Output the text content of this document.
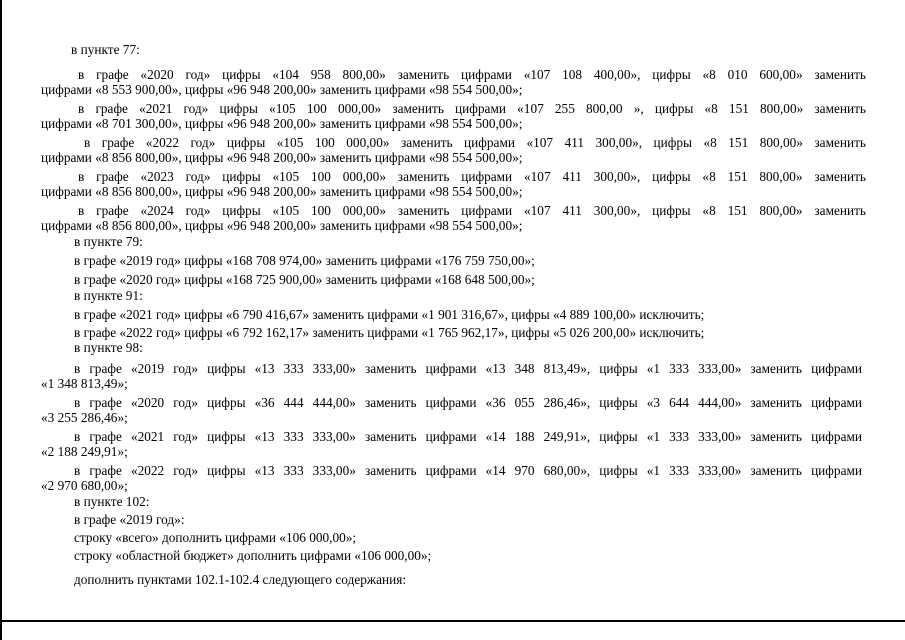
в пункте 77:
в графе «2020 год» цифры «104 958 800,00» заменить цифрами «107 108 400,00», цифры «8 010 600,00» заменить
цифрами «8 553 900,00», цифры «96 948 200,00» заменить цифрами «98 554 500,00»;
в графе «2021 год» цифры «105 100 000,00» заменить цифрами «107 255 800,00 », цифры «8 151 800,00» заменить
цифрами «8 701 300,00», цифры «96 948 200,00» заменить цифрами «98 554 500,00»;
в графе «2022 год» цифры «105 100 000,00» заменить цифрами «107 411 300,00», цифры «8 151 800,00» заменить
цифрами «8 856 800,00», цифры «96 948 200,00» заменить цифрами «98 554 500,00»;
в графе «2023 год» цифры «105 100 000,00» заменить цифрами «107 411 300,00», цифры «8 151 800,00» заменить
цифрами «8 856 800,00», цифры «96 948 200,00» заменить цифрами «98 554 500,00»;
в графе «2024 год» цифры «105 100 000,00» заменить цифрами «107 411 300,00», цифры «8 151 800,00» заменить
цифрами «8 856 800,00», цифры «96 948 200,00» заменить цифрами «98 554 500,00»;
в пункте 79:
в графе «2019 год» цифры «168 708 974,00» заменить цифрами «176 759 750,00»;
в графе «2020 год» цифры «168 725 900,00» заменить цифрами «168 648 500,00»;
в пункте 91:
в графе «2021 год» цифры «6 790 416,67» заменить цифрами «1 901 316,67», цифры «4 889 100,00» исключить;
в графе «2022 год» цифры «6 792 162,17» заменить цифрами «1 765 962,17», цифры «5 026 200,00» исключить;
в пункте 98:
в графе «2019 год» цифры «13 333 333,00» заменить цифрами «13 348 813,49», цифры «1 333 333,00» заменить цифрами
«1 348 813,49»;
в графе «2020 год» цифры «36 444 444,00» заменить цифрами «36 055 286,46», цифры «3 644 444,00» заменить цифрами
«3 255 286,46»;
в графе «2021 год» цифры «13 333 333,00» заменить цифрами «14 188 249,91», цифры «1 333 333,00» заменить цифрами
«2 188 249,91»;
в графе «2022 год» цифры «13 333 333,00» заменить цифрами «14 970 680,00», цифры «1 333 333,00» заменить цифрами
«2 970 680,00»;
в пункте 102:
в графе «2019 год»:
строку «всего» дополнить цифрами «106 000,00»;
строку «областной бюджет» дополнить цифрами «106 000,00»;
дополнить пунктами 102.1-102.4 следующего содержания:
